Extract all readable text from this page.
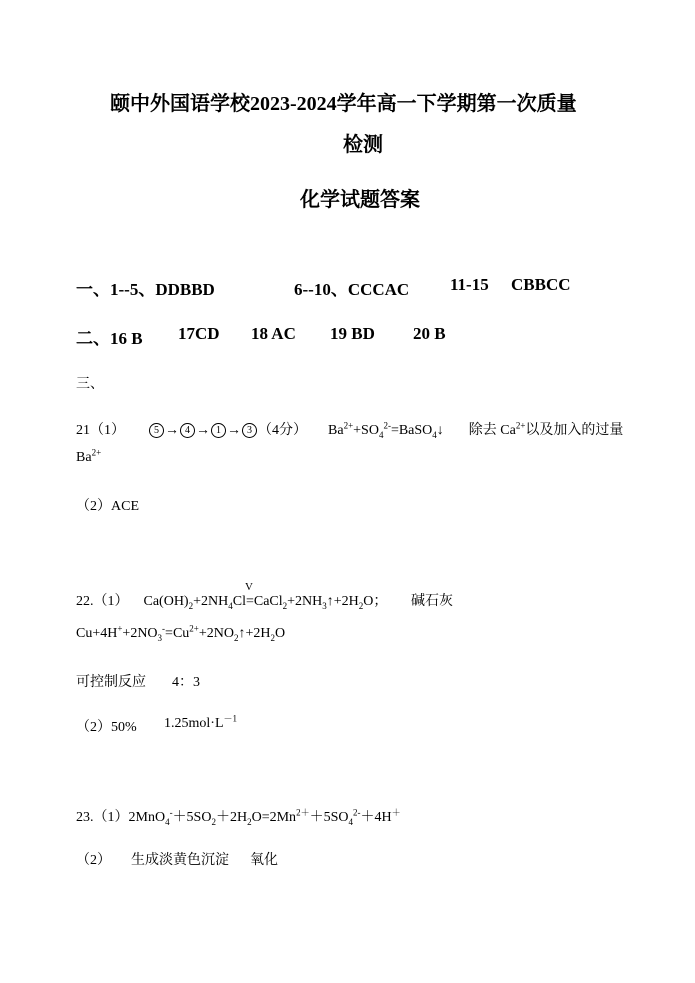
颐中外国语学校2023-2024学年高一下学期第一次质量
检测
化学试题答案
一、1--5、DDBBD	6--10、CCCAC 11-15 CBBCC
二、16 B 17CD 18 AC 19 BD 20 B
三、
21（1）	5 → 4 → 1 → 3 （4分） $Ba^{2+}+SO_4^{2-}=BaSO_4↓$ 除去 $Ca^{2+}$以及加入的过量
$Ba^{2+}$
（2）ACE
22.（1） $Ca(OH)_2+2NH_4Cl$
V
$=CaCl_2+2NH_3↑+2H_2O$； 碱石灰
$Cu+4H^++2NO_3^-=Cu^{2+}+2NO_2↑+2H_2O$
可控制反应 4：3
（2）50% $1.25mol\cdot L^{-1}$
$23.(1)2MnO_4^-+5SO_2+2H_2O=2Mn^{2+}+5SO_4^{2-}+4H^+$
（2） 生成淡黄色沉淀 氧化
